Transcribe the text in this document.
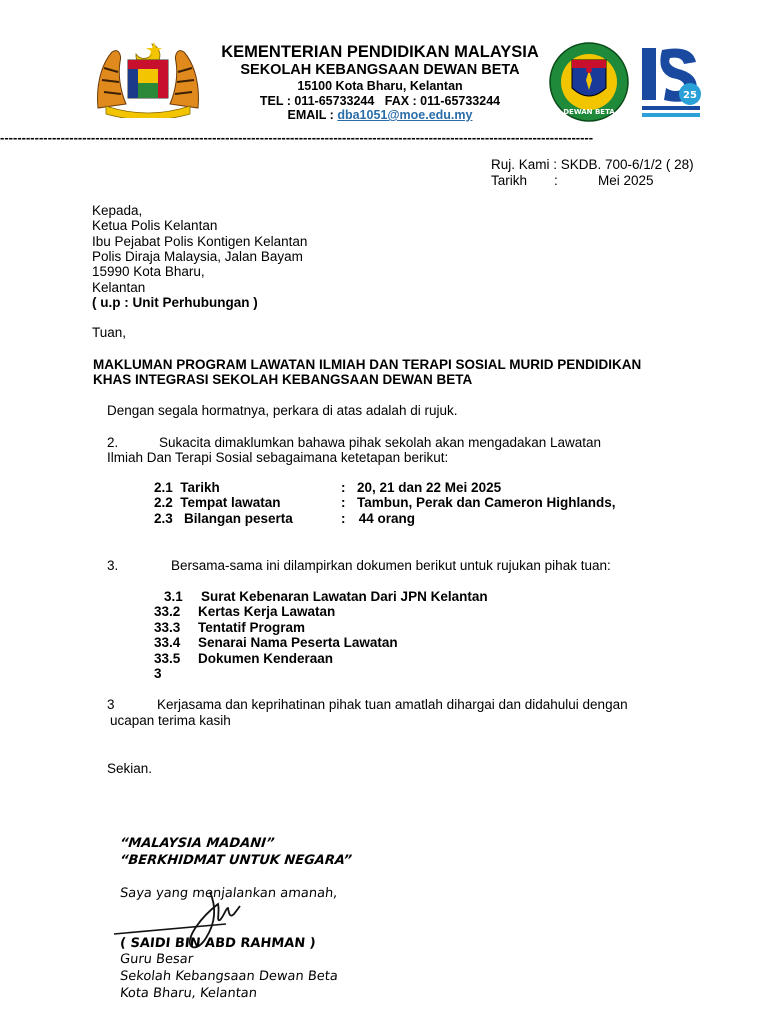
KEMENTERIAN PENDIDIKAN MALAYSIA
SEKOLAH KEBANGSAAN DEWAN BETA
15100 Kota Bharu, Kelantan
TEL : 011-65733244   FAX : 011-65733244
EMAIL : dba1051@moe.edu.my	DEWAN BETA
25
-----------------------------------------------------------------------------------------------------------------------------------------
Ruj. Kami : SKDB. 700-6/1/2 ( 28)
Tarikh :	Mei 2025
Kepada,
Ketua Polis Kelantan
Ibu Pejabat Polis Kontigen Kelantan
Polis Diraja Malaysia, Jalan Bayam
15990 Kota Bharu,
Kelantan
( u.p : Unit Perhubungan )
Tuan,
MAKLUMAN PROGRAM LAWATAN ILMIAH DAN TERAPI SOSIAL MURID PENDIDIKAN
KHAS INTEGRASI SEKOLAH KEBANGSAAN DEWAN BETA
Dengan segala hormatnya, perkara di atas adalah di rujuk.
2.	Sukacita dimaklumkan bahawa pihak sekolah akan mengadakan Lawatan
Ilmiah Dan Terapi Sosial sebagaimana ketetapan berikut:
2.1  Tarikh	: 20, 21 dan 22 Mei 2025
2.2  Tempat lawatan	: Tambun, Perak dan Cameron Highlands,
2.3   Bilangan peserta	: 44 orang
3.	Bersama-sama ini dilampirkan dokumen berikut untuk rujukan pihak tuan:
3.1 Surat Kebenaran Lawatan Dari JPN Kelantan
33.2 Kertas Kerja Lawatan
33.3 Tentatif Program
33.4 Senarai Nama Peserta Lawatan
33.5 Dokumen Kenderaan
3
3	Kerjasama dan keprihatinan pihak tuan amatlah dihargai dan didahului dengan
ucapan terima kasih
Sekian.
“MALAYSIA MADANI”
“BERKHIDMAT UNTUK NEGARA”
Saya yang menjalankan amanah,
( SAIDI BIN ABD RAHMAN )
Guru Besar
Sekolah Kebangsaan Dewan Beta
Kota Bharu, Kelantan
